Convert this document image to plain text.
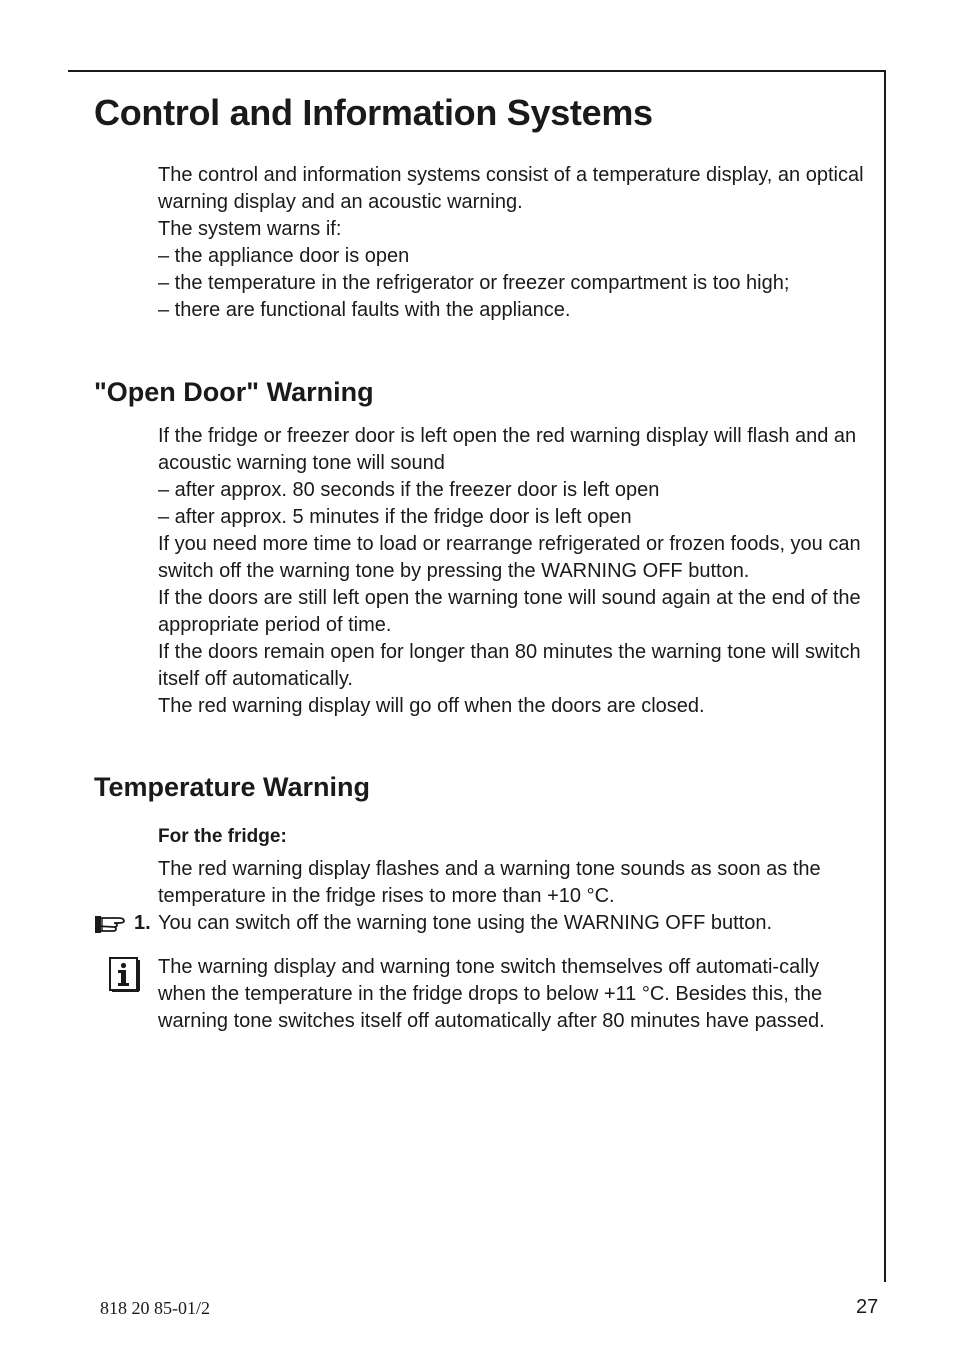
Control and Information Systems

The control and information systems consist of a temperature display, an optical warning display and an acoustic warning.

The system warns if:

– the appliance door is open

– the temperature in the refrigerator or freezer compartment is too high;

– there are functional faults with the appliance.

"Open Door" Warning

If the fridge or freezer door is left open the red warning display will flash and an acoustic warning tone will sound

– after approx. 80 seconds if the freezer door is left open

– after approx. 5 minutes if the fridge door is left open

If you need more time to load or rearrange refrigerated or frozen foods, you can switch off the warning tone by pressing the WARNING OFF button.

If the doors are still left open the warning tone will sound again at the end of the appropriate period of time.

If the doors remain open for longer than 80 minutes the warning tone will switch itself off automatically.

The red warning display will go off when the doors are closed.

Temperature Warning

For the fridge:

The red warning display flashes and a warning tone sounds as soon as the temperature in the fridge rises to more than +10 °C.

1. You can switch off the warning tone using the WARNING OFF button.

The warning display and warning tone switch themselves off automati-cally when the temperature in the fridge drops to below +11 °C. Besides this, the warning tone switches itself off automatically after 80 minutes have passed.

818 20 85-01/2	27
